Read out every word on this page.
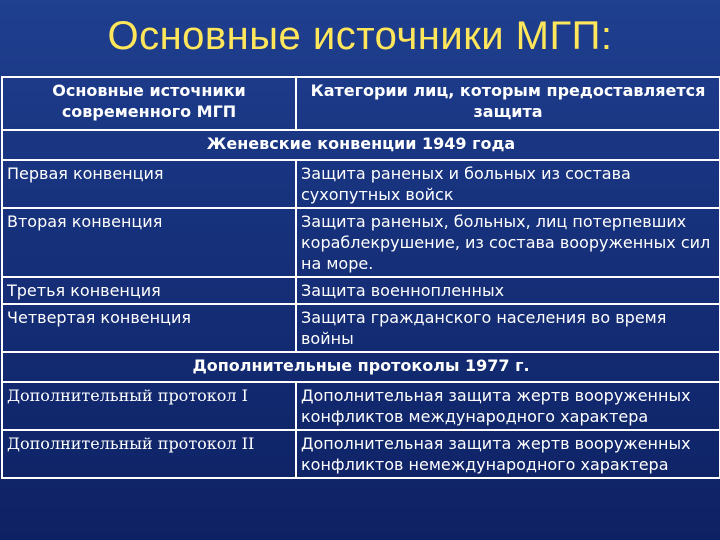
Основные источники МГП:
Основные источники современного МГП	Категории лиц, которым предоставляется защита
Женевские конвенции 1949 года	
Первая конвенция	Защита раненых и больных из состава сухопутных войск
Вторая конвенция	Защита раненых, больных, лиц потерпевших кораблекрушение, из состава вооруженных сил на море.
Третья конвенция	Защита военнопленных
Четвертая конвенция	Защита гражданского населения во время войны
Дополнительные протоколы 1977 г.	
Дополнительный протокол I	Дополнительная защита жертв вооруженных конфликтов международного характера
Дополнительный протокол II	Дополнительная защита жертв вооруженных конфликтов немеждународного характера
